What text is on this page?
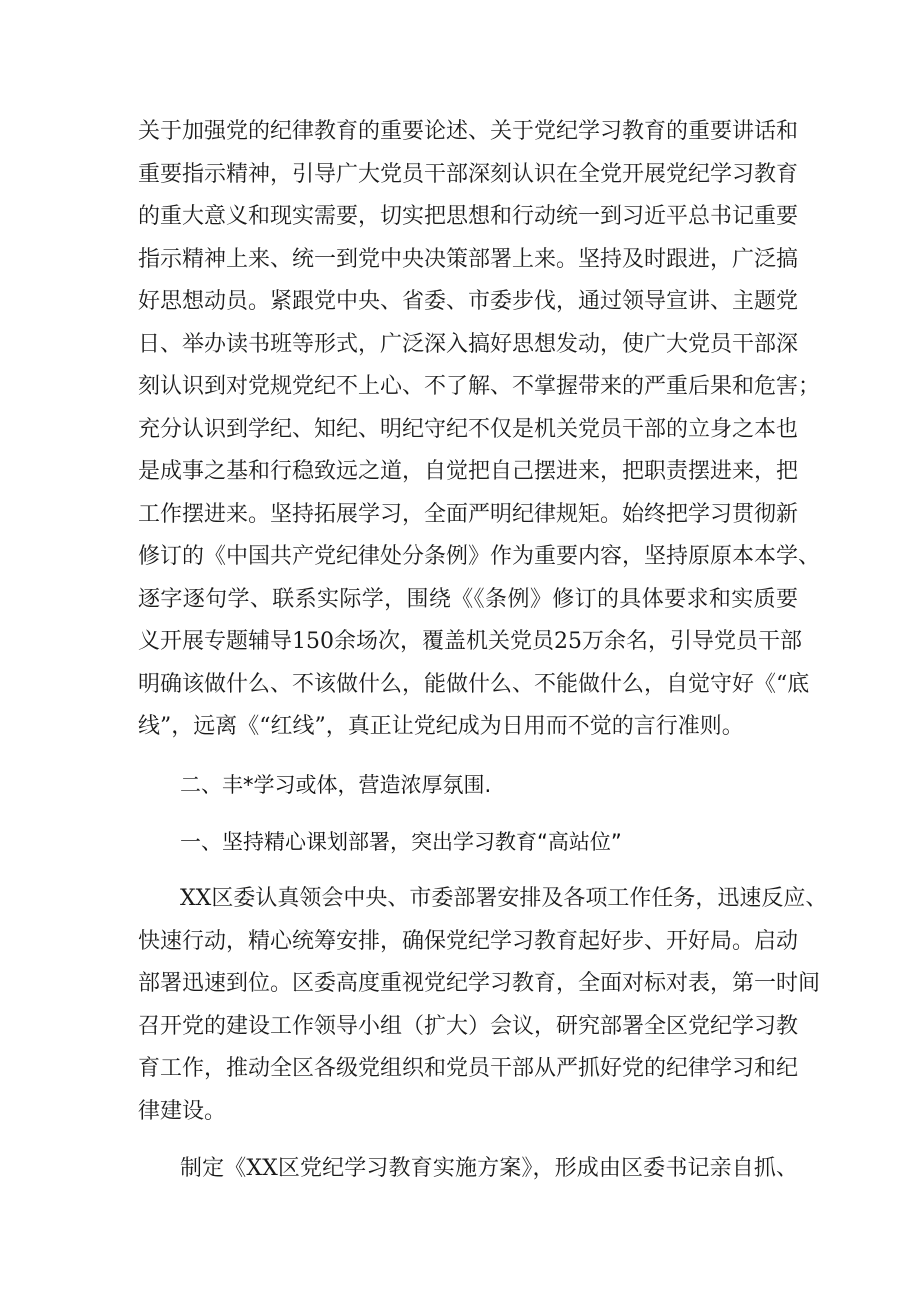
关于加强党的纪律教育的重要论述、关于党纪学习教育的重要讲话和
重要指示精神，引导广大党员干部深刻认识在全党开展党纪学习教育
的重大意义和现实需要，切实把思想和行动统一到习近平总书记重要
指示精神上来、统一到党中央决策部署上来。坚持及时跟进，广泛搞
好思想动员。紧跟党中央、省委、市委步伐，通过领导宣讲、主题党
日、举办读书班等形式，广泛深入搞好思想发动，使广大党员干部深
刻认识到对党规党纪不上心、不了解、不掌握带来的严重后果和危害；
充分认识到学纪、知纪、明纪守纪不仅是机关党员干部的立身之本也
是成事之基和行稳致远之道，自觉把自己摆进来，把职责摆进来，把
工作摆进来。坚持拓展学习，全面严明纪律规矩。始终把学习贯彻新
修订的《中国共产党纪律处分条例》作为重要内容，坚持原原本本学、
逐字逐句学、联系实际学，围绕《《条例》修订的具体要求和实质要
义开展专题辅导150余场次，覆盖机关党员25万余名，引导党员干部
明确该做什么、不该做什么，能做什么、不能做什么，自觉守好《“底
线”，远离《“红线”，真正让党纪成为日用而不觉的言行准则。
二、丰*学习或体，营造浓厚氛围.
一、坚持精心课划部署，突出学习教育“高站位”
XX区委认真领会中央、市委部署安排及各项工作任务，迅速反应、
快速行动，精心统筹安排，确保党纪学习教育起好步、开好局。启动
部署迅速到位。区委高度重视党纪学习教育，全面对标对表，第一时间
召开党的建设工作领导小组（扩大）会议，研究部署全区党纪学习教
育工作，推动全区各级党组织和党员干部从严抓好党的纪律学习和纪
律建设。
制定《XX区党纪学习教育实施方案》，形成由区委书记亲自抓、
